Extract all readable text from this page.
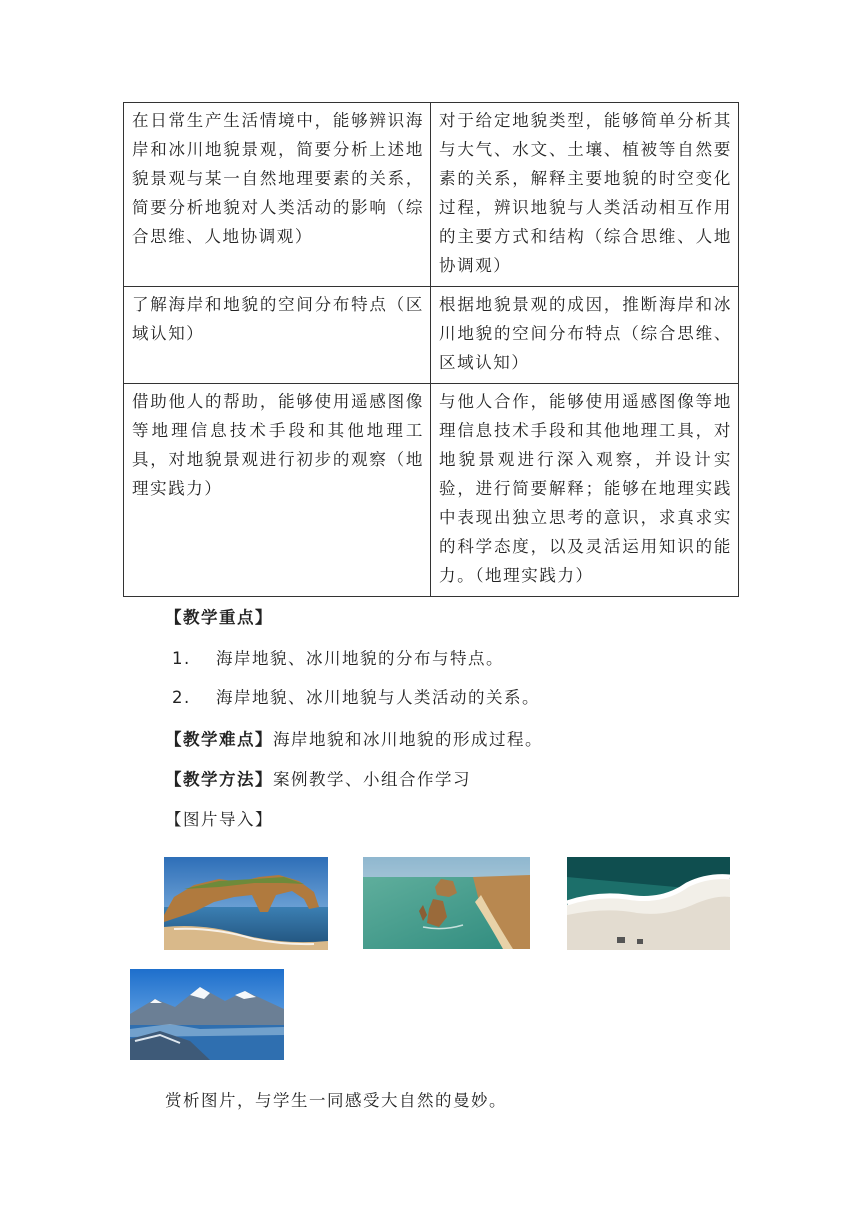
在日常生产生活情境中，能够辨识海岸和冰川地貌景观，简要分析上述地貌景观与某一自然地理要素的关系，简要分析地貌对人类活动的影响（综合思维、人地协调观）	对于给定地貌类型，能够简单分析其与大气、水文、土壤、植被等自然要素的关系，解释主要地貌的时空变化过程，辨识地貌与人类活动相互作用的主要方式和结构（综合思维、人地协调观）
了解海岸和地貌的空间分布特点（区域认知）	根据地貌景观的成因，推断海岸和冰川地貌的空间分布特点（综合思维、区域认知）
借助他人的帮助，能够使用遥感图像等地理信息技术手段和其他地理工具，对地貌景观进行初步的观察（地理实践力）	与他人合作，能够使用遥感图像等地理信息技术手段和其他地理工具，对地貌景观进行深入观察，并设计实验，进行简要解释；能够在地理实践中表现出独立思考的意识，求真求实的科学态度，以及灵活运用知识的能力。（地理实践力）
【教学重点】
1. 海岸地貌、冰川地貌的分布与特点。
2. 海岸地貌、冰川地貌与人类活动的关系。
【教学难点】海岸地貌和冰川地貌的形成过程。
【教学方法】案例教学、小组合作学习
【图片导入】
赏析图片，与学生一同感受大自然的曼妙。
